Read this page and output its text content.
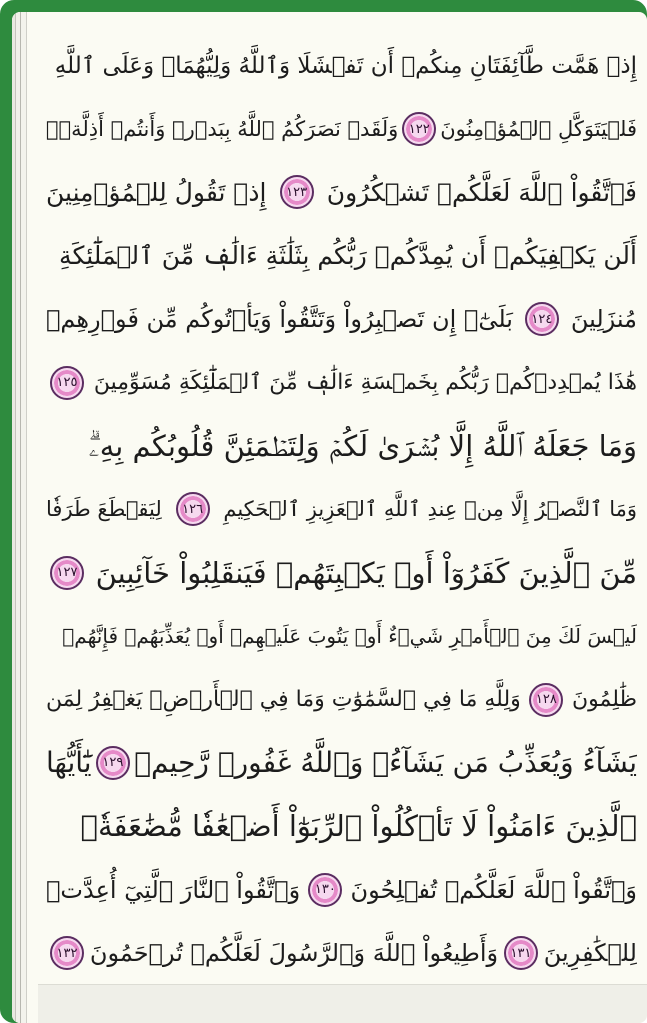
إِذۡ هَمَّت طَّآئِفَتَانِ مِنكُمۡ أَن تَفۡشَلَا وَٱللَّهُ وَلِيُّهُمَاۗ وَعَلَى ٱللَّهِ
فَلۡيَتَوَكَّلِ ٱلۡمُؤۡمِنُونَ
١٢٢
وَلَقَدۡ نَصَرَكُمُ ٱللَّهُ بِبَدۡرٖ وَأَنتُمۡ أَذِلَّةٞۖ
فَٱتَّقُواْ ٱللَّهَ لَعَلَّكُمۡ تَشۡكُرُونَ
١٢٣
إِذۡ تَقُولُ لِلۡمُؤۡمِنِينَ
أَلَن يَكۡفِيَكُمۡ أَن يُمِدَّكُمۡ رَبُّكُم بِثَلَٰثَةِ ءَالَٰفٖ مِّنَ ٱلۡمَلَٰٓئِكَةِ
مُنزَلِينَ
١٢٤
بَلَىٰٓۚ إِن تَصۡبِرُواْ وَتَتَّقُواْ وَيَأۡتُوكُم مِّن فَوۡرِهِمۡ
هَٰذَا يُمۡدِدۡكُمۡ رَبُّكُم بِخَمۡسَةِ ءَالَٰفٖ مِّنَ ٱلۡمَلَٰٓئِكَةِ مُسَوِّمِينَ
١٢٥
وَمَا جَعَلَهُ ٱللَّهُ إِلَّا بُشۡرَىٰ لَكُمۡ وَلِتَطۡمَئِنَّ قُلُوبُكُم بِهِۦۗ
وَمَا ٱلنَّصۡرُ إِلَّا مِنۡ عِندِ ٱللَّهِ ٱلۡعَزِيزِ ٱلۡحَكِيمِ
١٢٦
لِيَقۡطَعَ طَرَفٗا
مِّنَ ٱلَّذِينَ كَفَرُوٓاْ أَوۡ يَكۡبِتَهُمۡ فَيَنقَلِبُواْ خَآئِبِينَ
١٢٧
لَيۡسَ لَكَ مِنَ ٱلۡأَمۡرِ شَيۡءٌ أَوۡ يَتُوبَ عَلَيۡهِمۡ أَوۡ يُعَذِّبَهُمۡ فَإِنَّهُمۡ
ظَٰلِمُونَ
١٢٨
وَلِلَّهِ مَا فِي ٱلسَّمَٰوَٰتِ وَمَا فِي ٱلۡأَرۡضِۚ يَغۡفِرُ لِمَن
يَشَآءُ وَيُعَذِّبُ مَن يَشَآءُۚ وَٱللَّهُ غَفُورٞ رَّحِيمٞ
١٢٩
يَٰٓأَيُّهَا
ٱلَّذِينَ ءَامَنُواْ لَا تَأۡكُلُواْ ٱلرِّبَوٰٓاْ أَضۡعَٰفٗا مُّضَٰعَفَةٗۖ
وَٱتَّقُواْ ٱللَّهَ لَعَلَّكُمۡ تُفۡلِحُونَ
١٣٠
وَٱتَّقُواْ ٱلنَّارَ ٱلَّتِيٓ أُعِدَّتۡ
لِلۡكَٰفِرِينَ
١٣١
وَأَطِيعُواْ ٱللَّهَ وَٱلرَّسُولَ لَعَلَّكُمۡ تُرۡحَمُونَ
١٣٢
